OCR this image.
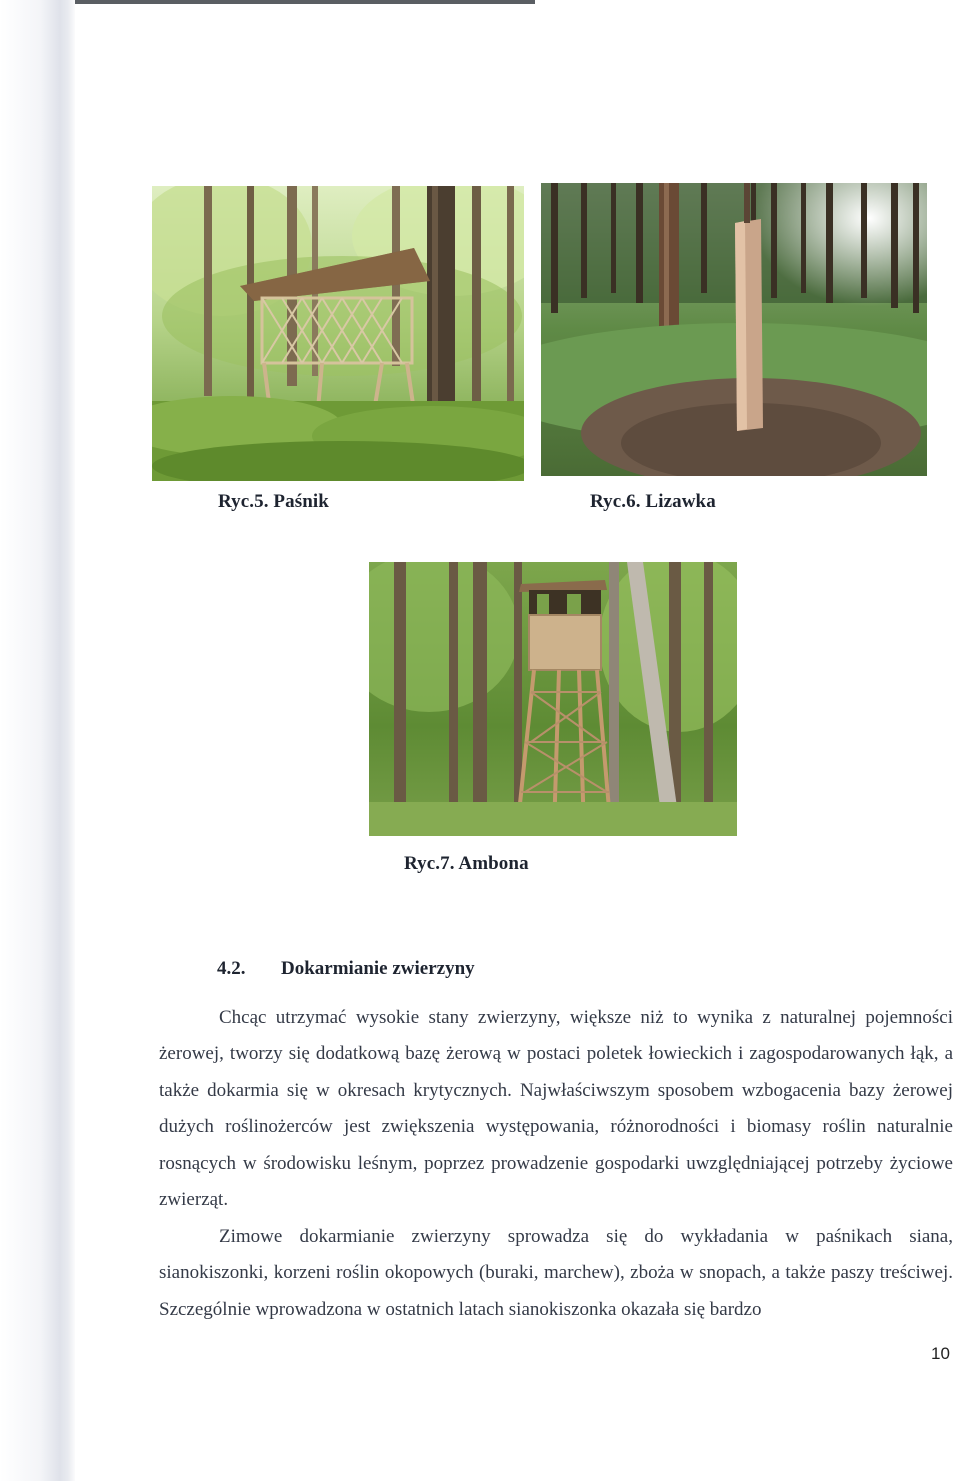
Ryc.5. Paśnik	Ryc.6. Lizawka
Ryc.7. Ambona
4.2. Dokarmianie zwierzyny

Chcąc utrzymać wysokie stany zwierzyny, większe niż to wynika z naturalnej pojemności żerowej, tworzy się dodatkową bazę żerową w postaci poletek łowieckich i zagospodarowanych łąk, a także dokarmia się w okresach krytycznych. Najwłaściwszym sposobem wzbogacenia bazy żerowej dużych roślinożerców jest zwiększenia występowania, różnorodności i biomasy roślin naturalnie rosnących w środowisku leśnym, poprzez prowadzenie gospodarki uwzględniającej potrzeby życiowe zwierząt.

Zimowe dokarmianie zwierzyny sprowadza się do wykładania w paśnikach siana, sianokiszonki, korzeni roślin okopowych (buraki, marchew), zboża w snopach, a także paszy treściwej. Szczególnie wprowadzona w ostatnich latach sianokiszonka okazała się bardzo

10
